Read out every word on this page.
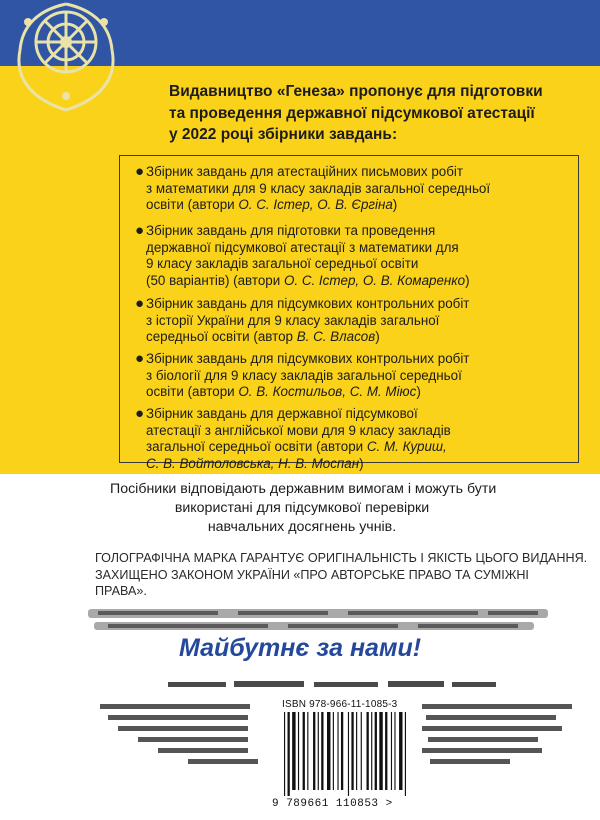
Видавництво «Генеза» пропонує для підготовки
та проведення державної підсумкової атестації
у 2022 році збірники завдань:
● Збірник завдань для атестаційних письмових робіт
з математики для 9 класу закладів загальної середньої
освіти (автори О. С. Істер, О. В. Єргіна)
● Збірник завдань для підготовки та проведення
державної підсумкової атестації з математики для
9 класу закладів загальної середньої освіти
(50 варіантів) (автори О. С. Істер, О. В. Комаренко)
● Збірник завдань для підсумкових контрольних робіт
з історії України для 9 класу закладів загальної
середньої освіти (автор В. С. Власов)
● Збірник завдань для підсумкових контрольних робіт
з біології для 9 класу закладів загальної середньої
освіти (автори О. В. Костильов, С. М. Міюс)
● Збірник завдань для державної підсумкової
атестації з англійської мови для 9 класу закладів
загальної середньої освіти (автори С. М. Куриш,
С. В. Войтоловська, Н. В. Моспан)
Посібники відповідають державним вимогам і можуть бути
використані для підсумкової перевірки
навчальних досягнень учнів.
ГОЛОГРАФІЧНА МАРКА ГАРАНТУЄ ОРИГІНАЛЬНІСТЬ І ЯКІСТЬ ЦЬОГО ВИДАННЯ.
ЗАХИЩЕНО ЗАКОНОМ УКРАЇНИ «ПРО АВТОРСЬКЕ ПРАВО ТА СУМІЖНІ
ПРАВА».
Майбутнє за нами!
ISBN 978-966-11-1085-3
9 789661 110853 >
